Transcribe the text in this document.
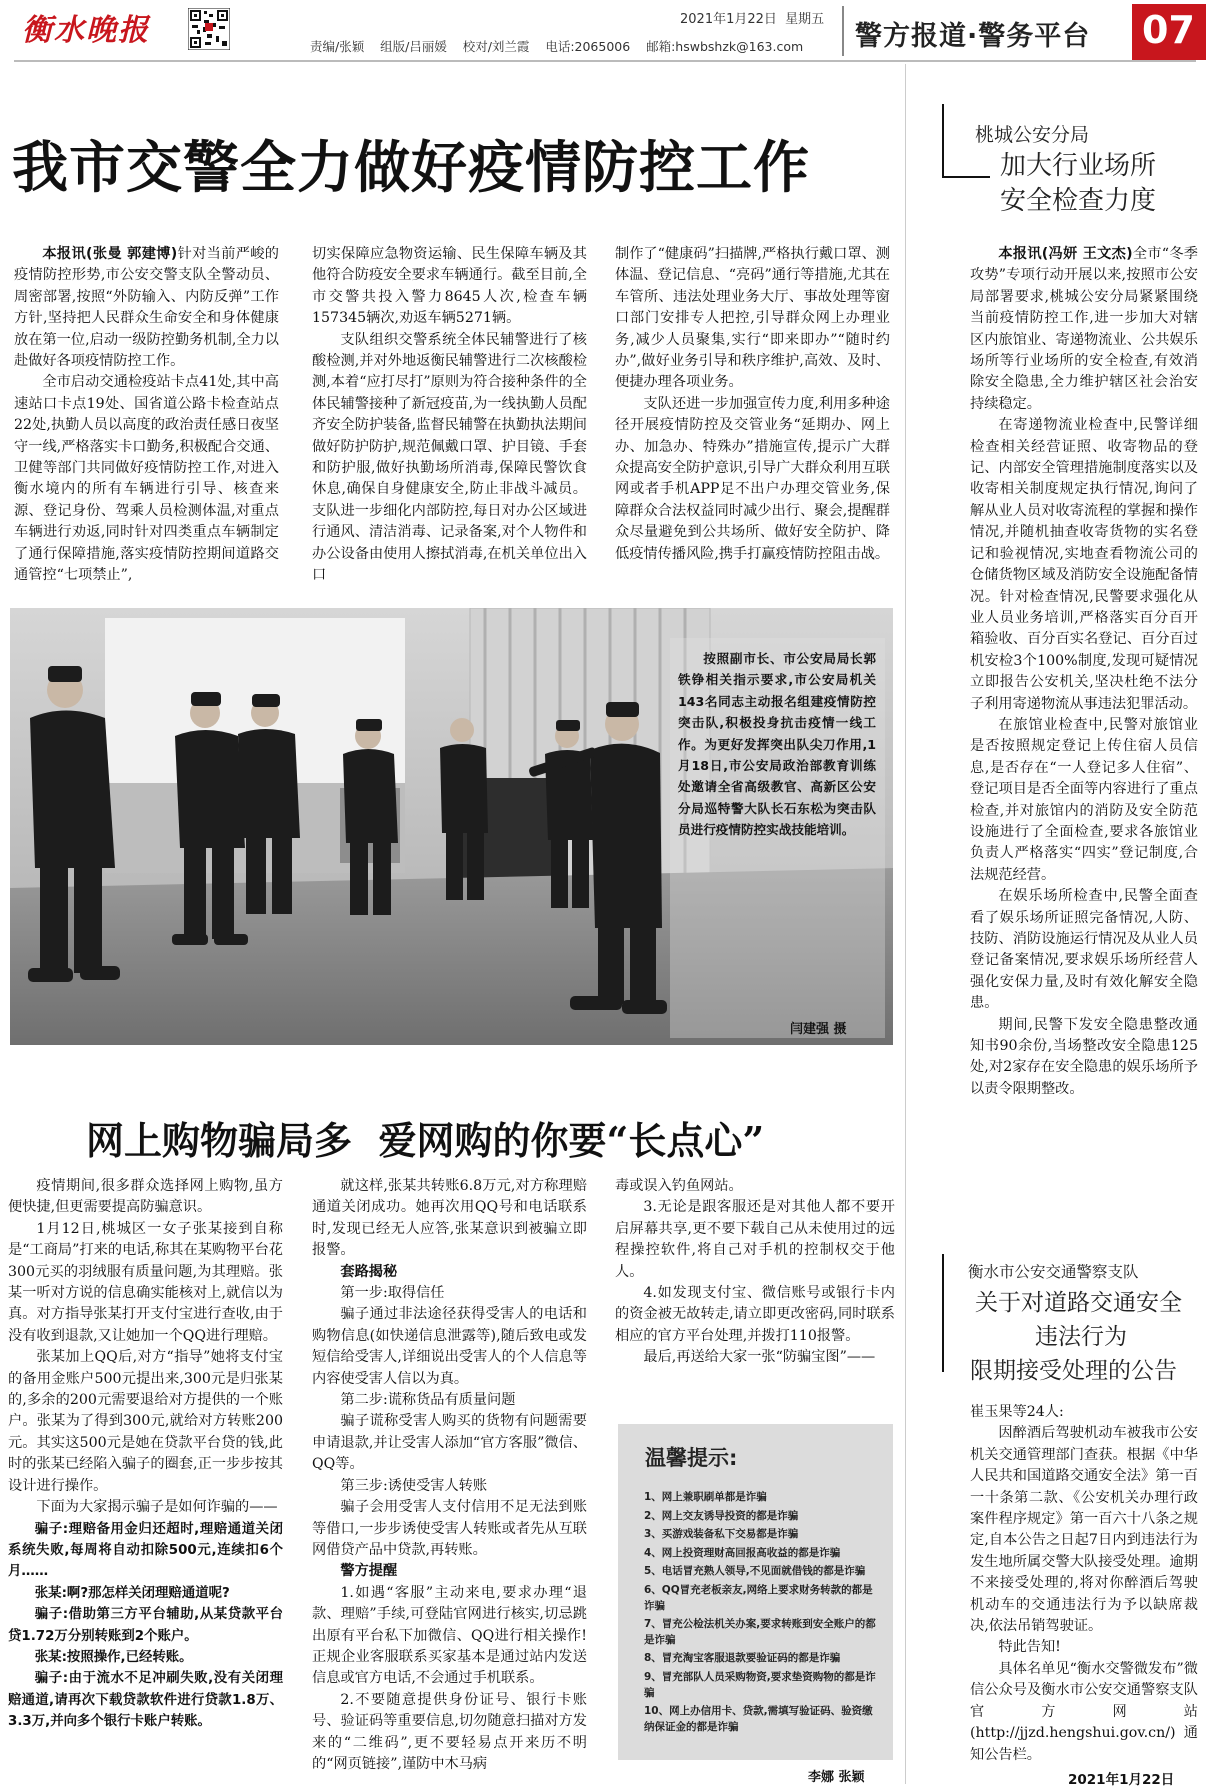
衡水晚报	2021年1月22日 星期五
责编/张颖    组版/吕丽媛    校对/刘兰霞    电话:2065006    邮箱:hswbshzk@163.com 警方报道·警务平台 07
我市交警全力做好疫情防控工作

本报讯(张曼 郭建博)针对当前严峻的疫情防控形势,市公安交警支队全警动员、周密部署,按照“外防输入、内防反弹”工作方针,坚持把人民群众生命安全和身体健康放在第一位,启动一级防控勤务机制,全力以赴做好各项疫情防控工作。

全市启动交通检疫站卡点41处,其中高速站口卡点19处、国省道公路卡检查站点22处,执勤人员以高度的政治责任感日夜坚守一线,严格落实卡口勤务,积极配合交通、卫健等部门共同做好疫情防控工作,对进入衡水境内的所有车辆进行引导、核查来源、登记身份、驾乘人员检测体温,对重点车辆进行劝返,同时针对四类重点车辆制定了通行保障措施,落实疫情防控期间道路交通管控“七项禁止”,

切实保障应急物资运输、民生保障车辆及其他符合防疫安全要求车辆通行。截至目前,全市交警共投入警力8645人次,检查车辆157345辆次,劝返车辆5271辆。

支队组织交警系统全体民辅警进行了核酸检测,并对外地返衡民辅警进行二次核酸检测,本着“应打尽打”原则为符合接种条件的全体民辅警接种了新冠疫苗,为一线执勤人员配齐安全防护装备,监督民辅警在执勤执法期间做好防护防护,规范佩戴口罩、护目镜、手套和防护服,做好执勤场所消毒,保障民警饮食休息,确保自身健康安全,防止非战斗减员。支队进一步细化内部防控,每日对办公区域进行通风、清洁消毒、记录备案,对个人物件和办公设备由使用人擦拭消毒,在机关单位出入口

制作了“健康码”扫描牌,严格执行戴口罩、测体温、登记信息、“亮码”通行等措施,尤其在车管所、违法处理业务大厅、事故处理等窗口部门安排专人把控,引导群众网上办理业务,减少人员聚集,实行“即来即办”“随时约办”,做好业务引导和秩序维护,高效、及时、便捷办理各项业务。

支队还进一步加强宣传力度,利用多种途径开展疫情防控及交管业务“延期办、网上办、加急办、特殊办”措施宣传,提示广大群众提高安全防护意识,引导广大群众利用互联网或者手机APP足不出户办理交管业务,保障群众合法权益同时减少出行、聚会,提醒群众尽量避免到公共场所、做好安全防护、降低疫情传播风险,携手打赢疫情防控阻击战。

按照副市长、市公安局局长郭铁铮相关指示要求,市公安局机关143名同志主动报名组建疫情防控突击队,积极投身抗击疫情一线工作。为更好发挥突出队尖刀作用,1月18日,市公安局政治部教育训练处邀请全省高级教官、高新区公安分局巡特警大队长石东松为突击队员进行疫情防控实战技能培训。
闫建强 摄
网上购物骗局多  爱网购的你要“长点心”

疫情期间,很多群众选择网上购物,虽方便快捷,但更需要提高防骗意识。

1月12日,桃城区一女子张某接到自称是“工商局”打来的电话,称其在某购物平台花300元买的羽绒服有质量问题,为其理赔。张某一听对方说的信息确实能核对上,就信以为真。对方指导张某打开支付宝进行查收,由于没有收到退款,又让她加一个QQ进行理赔。

张某加上QQ后,对方“指导”她将支付宝的备用金账户500元提出来,300元是归张某的,多余的200元需要退给对方提供的一个账户。张某为了得到300元,就给对方转账200元。其实这500元是她在贷款平台贷的钱,此时的张某已经陷入骗子的圈套,正一步步按其设计进行操作。

下面为大家揭示骗子是如何诈骗的——

骗子:理赔备用金归还超时,理赔通道关闭系统失败,每周将自动扣除500元,连续扣6个月……

张某:啊?那怎样关闭理赔通道呢?

骗子:借助第三方平台辅助,从某贷款平台贷1.72万分别转账到2个账户。

张某:按照操作,已经转账。

骗子:由于流水不足冲刷失败,没有关闭理赔通道,请再次下载贷款软件进行贷款1.8万、3.3万,并向多个银行卡账户转账。

就这样,张某共转账6.8万元,对方称理赔通道关闭成功。她再次用QQ号和电话联系时,发现已经无人应答,张某意识到被骗立即报警。

套路揭秘

第一步:取得信任

骗子通过非法途径获得受害人的电话和购物信息(如快递信息泄露等),随后致电或发短信给受害人,详细说出受害人的个人信息等内容使受害人信以为真。

第二步:谎称货品有质量问题

骗子谎称受害人购买的货物有问题需要申请退款,并让受害人添加“官方客服”微信、QQ等。

第三步:诱使受害人转账

骗子会用受害人支付信用不足无法到账等借口,一步步诱使受害人转账或者先从互联网借贷产品中贷款,再转账。

警方提醒

1.如遇“客服”主动来电,要求办理“退款、理赔”手续,可登陆官网进行核实,切忌跳出原有平台私下加微信、QQ进行相关操作!正规企业客服联系买家基本是通过站内发送信息或官方电话,不会通过手机联系。

2.不要随意提供身份证号、银行卡账号、验证码等重要信息,切勿随意扫描对方发来的“二维码”,更不要轻易点开来历不明的“网页链接”,谨防中木马病

毒或误入钓鱼网站。

3.无论是跟客服还是对其他人都不要开启屏幕共享,更不要下载自己从未使用过的远程操控软件,将自己对手机的控制权交于他人。

4.如发现支付宝、微信账号或银行卡内的资金被无故转走,请立即更改密码,同时联系相应的官方平台处理,并拨打110报警。

最后,再送给大家一张“防骗宝图”——

温馨提示:
1、网上兼职刷单都是诈骗
2、网上交友诱导投资的都是诈骗
3、买游戏装备私下交易都是诈骗
4、网上投资理财高回报高收益的都是诈骗
5、电话冒充熟人领导,不见面就借钱的都是诈骗
6、QQ冒充老板亲友,网络上要求财务转款的都是诈骗
7、冒充公检法机关办案,要求转账到安全账户的都是诈骗
8、冒充淘宝客服退款要验证码的都是诈骗
9、冒充部队人员采购物资,要求垫资购物的都是诈骗
10、网上办信用卡、贷款,需填写验证码、验资缴纳保证金的都是诈骗
李娜 张颖
桃城公安分局
加大行业场所
安全检查力度

本报讯(冯妍 王文杰)全市“冬季攻势”专项行动开展以来,按照市公安局部署要求,桃城公安分局紧紧围绕当前疫情防控工作,进一步加大对辖区内旅馆业、寄递物流业、公共娱乐场所等行业场所的安全检查,有效消除安全隐患,全力维护辖区社会治安持续稳定。

在寄递物流业检查中,民警详细检查相关经营证照、收寄物品的登记、内部安全管理措施制度落实以及收寄相关制度规定执行情况,询问了解从业人员对收寄流程的掌握和操作情况,并随机抽查收寄货物的实名登记和验视情况,实地查看物流公司的仓储货物区域及消防安全设施配备情况。针对检查情况,民警要求强化从业人员业务培训,严格落实百分百开箱验收、百分百实名登记、百分百过机安检3个100%制度,发现可疑情况立即报告公安机关,坚决杜绝不法分子利用寄递物流从事违法犯罪活动。

在旅馆业检查中,民警对旅馆业是否按照规定登记上传住宿人员信息,是否存在“一人登记多人住宿”、登记项目是否全面等内容进行了重点检查,并对旅馆内的消防及安全防范设施进行了全面检查,要求各旅馆业负责人严格落实“四实”登记制度,合法规范经营。

在娱乐场所检查中,民警全面查看了娱乐场所证照完备情况,人防、技防、消防设施运行情况及从业人员登记备案情况,要求娱乐场所经营人强化安保力量,及时有效化解安全隐患。

期间,民警下发安全隐患整改通知书90余份,当场整改安全隐患125处,对2家存在安全隐患的娱乐场所予以责令限期整改。

衡水市公安交通警察支队
关于对道路交通安全
违法行为
限期接受处理的公告

崔玉果等24人:

因醉酒后驾驶机动车被我市公安机关交通管理部门查获。根据《中华人民共和国道路交通安全法》第一百一十条第二款、《公安机关办理行政案件程序规定》第一百六十八条之规定,自本公告之日起7日内到违法行为发生地所属交警大队接受处理。逾期不来接受处理的,将对你醉酒后驾驶机动车的交通违法行为予以缺席裁决,依法吊销驾驶证。

特此告知!

具体名单见“衡水交警微发布”微信公众号及衡水市公安交通警察支队官方网站(http://jjzd.hengshui.gov.cn/)通知公告栏。

2021年1月22日
